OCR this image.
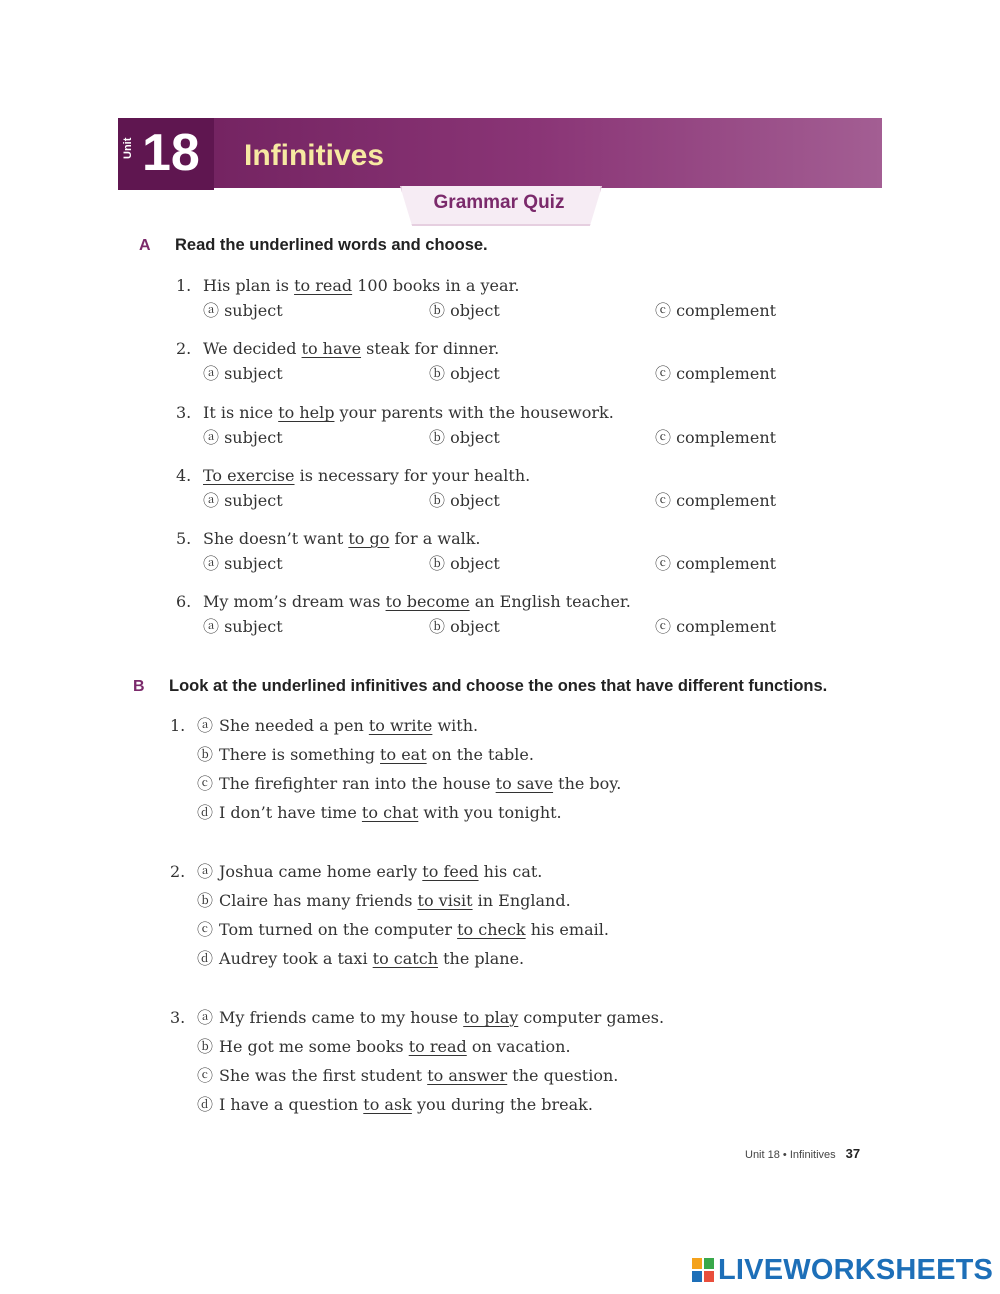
Unit 18 Infinitives
Grammar Quiz
A Read the underlined words and choose.
1. His plan is to read 100 books in a year.
ⓐ subject	ⓑ object	ⓒ complement
2. We decided to have steak for dinner.
ⓐ subject	ⓑ object	ⓒ complement
3. It is nice to help your parents with the housework.
ⓐ subject	ⓑ object	ⓒ complement
4. To exercise is necessary for your health.
ⓐ subject	ⓑ object	ⓒ complement
5. She doesn’t want to go for a walk.
ⓐ subject	ⓑ object	ⓒ complement
6. My mom’s dream was to become an English teacher.
ⓐ subject	ⓑ object	ⓒ complement
B Look at the underlined infinitives and choose the ones that have different functions.
1. ⓐ She needed a pen to write with.
ⓑ There is something to eat on the table.
ⓒ The firefighter ran into the house to save the boy.
ⓓ I don’t have time to chat with you tonight.
2. ⓐ Joshua came home early to feed his cat.
ⓑ Claire has many friends to visit in England.
ⓒ Tom turned on the computer to check his email.
ⓓ Audrey took a taxi to catch the plane.
3. ⓐ My friends came to my house to play computer games.
ⓑ He got me some books to read on vacation.
ⓒ She was the first student to answer the question.
ⓓ I have a question to ask you during the break.
Unit 18 • Infinitives 37
LIVEWORKSHEETS
